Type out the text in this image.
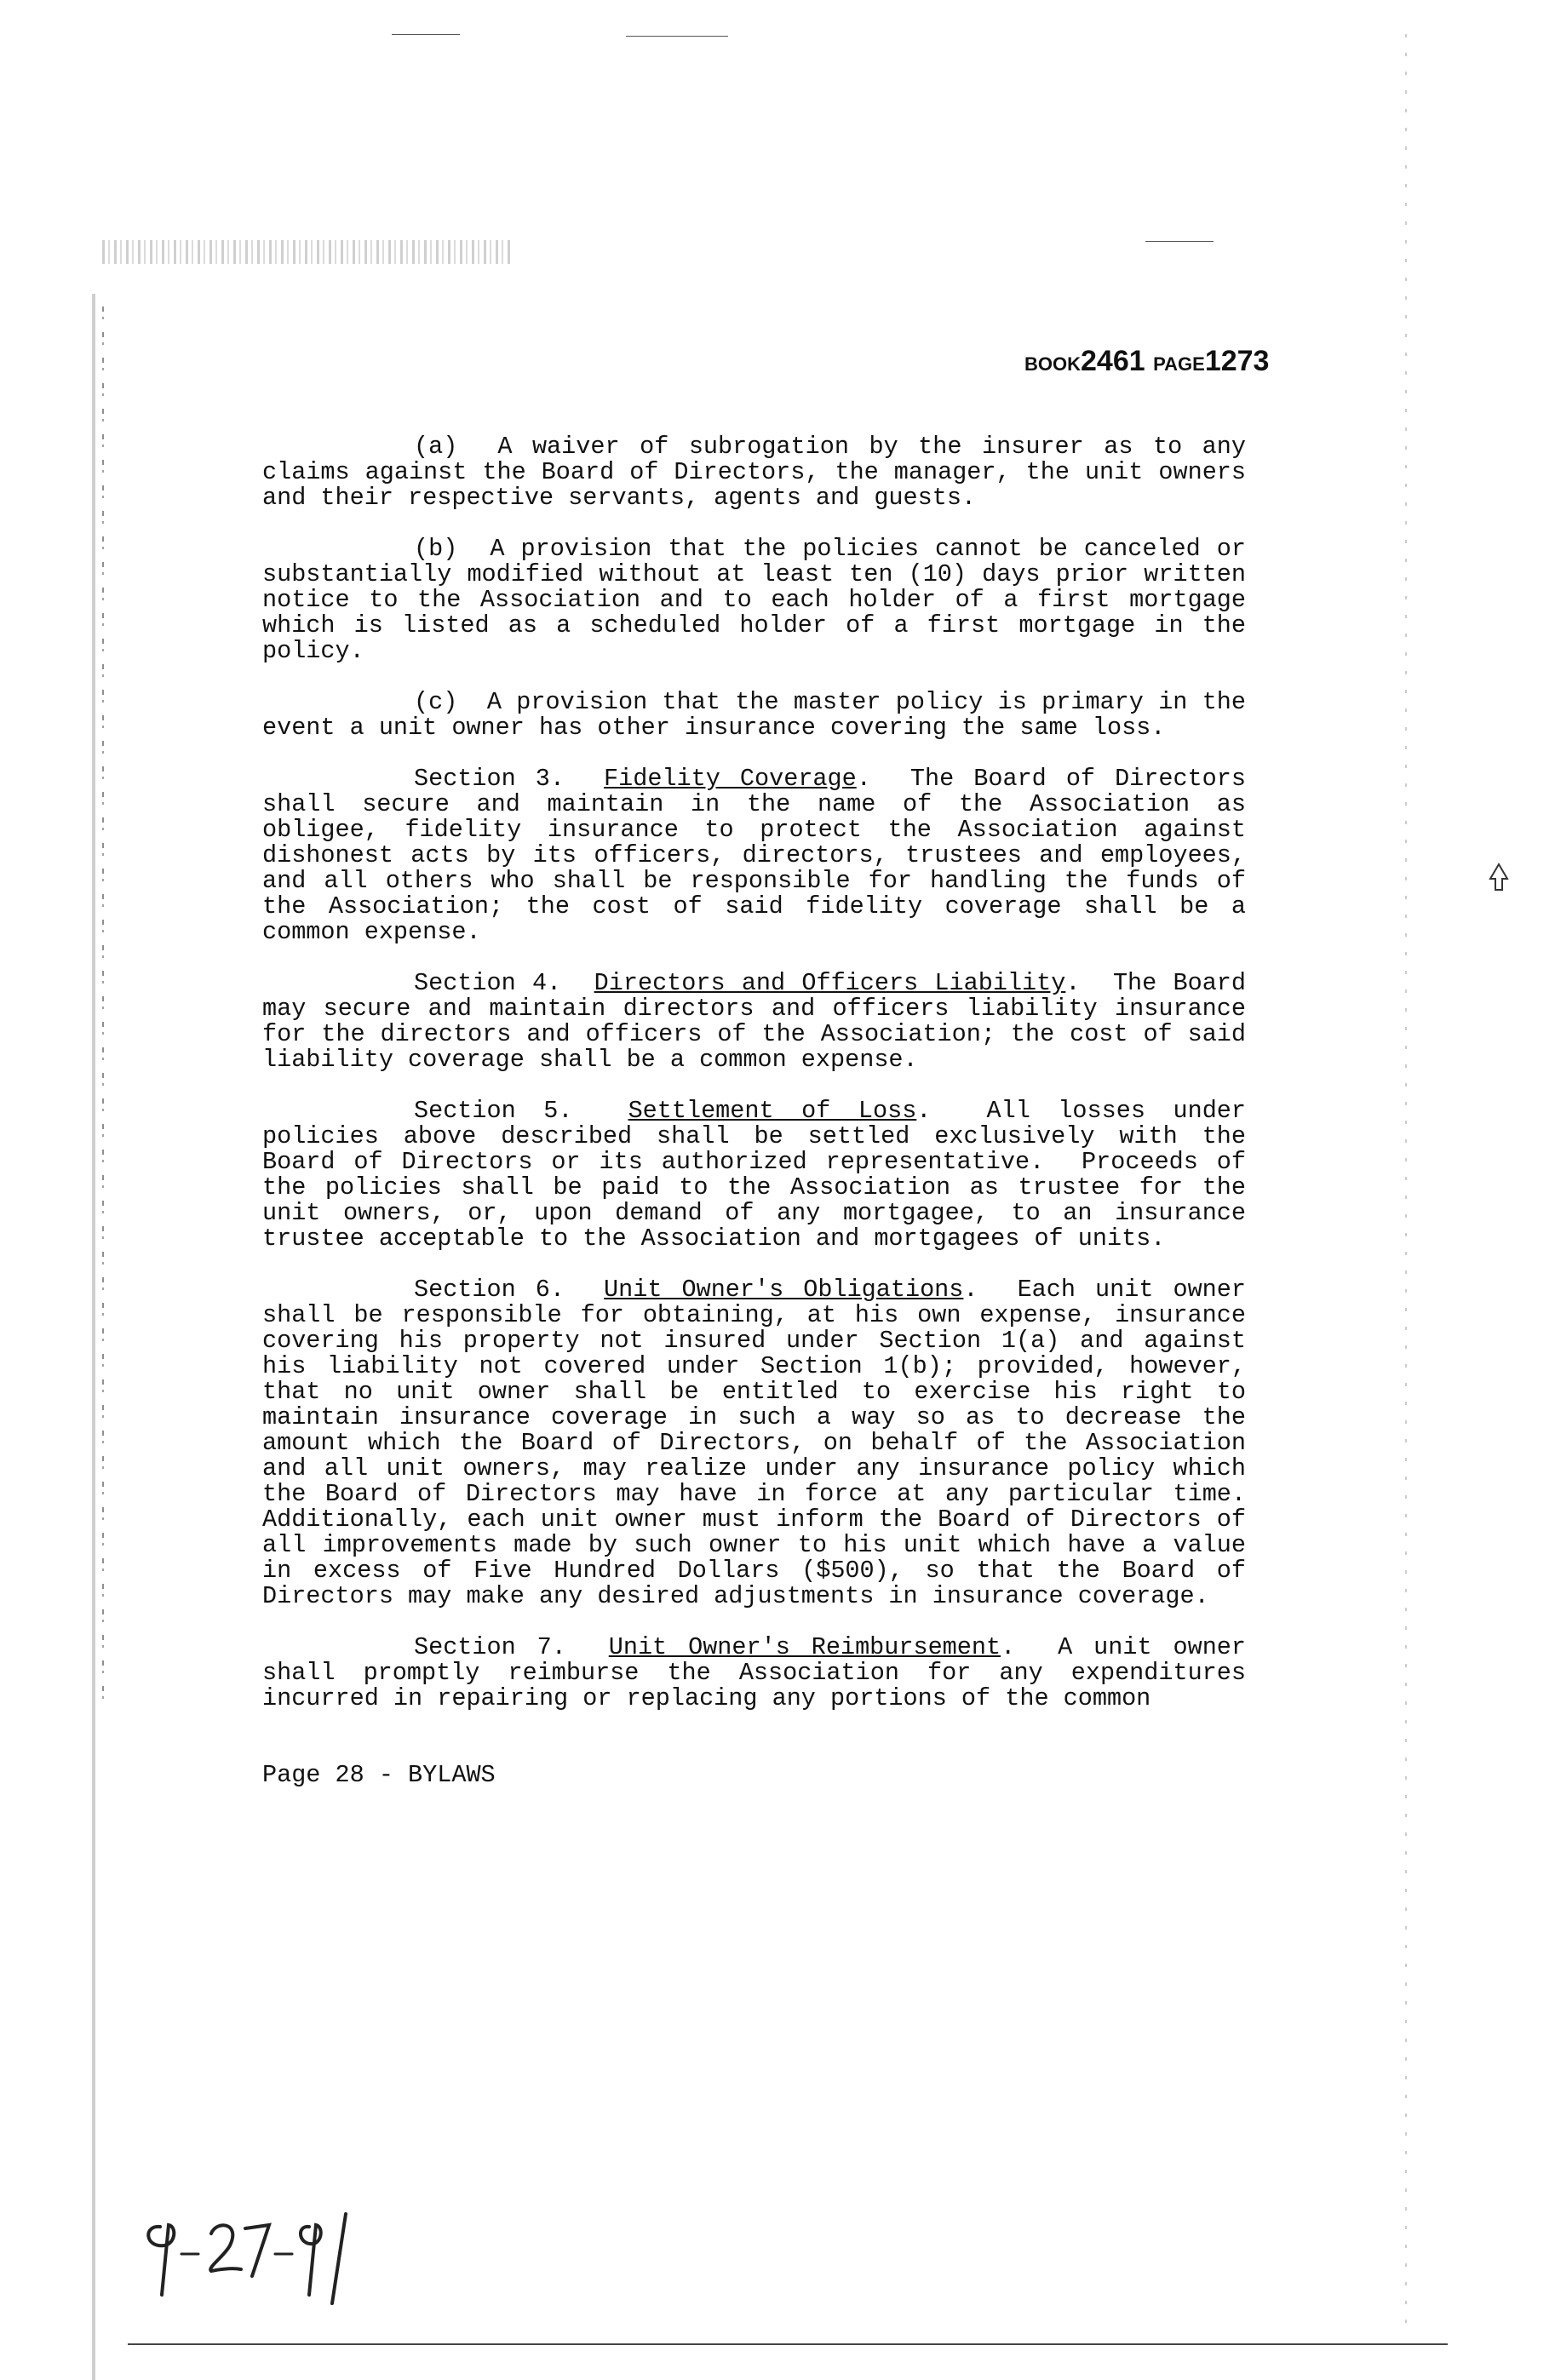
BOOK2461 PAGE1273

(a)  A waiver of subrogation by the insurer as to any claims against the Board of Directors, the manager, the unit owners and their respective servants, agents and guests.

(b)  A provision that the policies cannot be canceled or substantially modified without at least ten (10) days prior written notice to the Association and to each holder of a first mortgage which is listed as a scheduled holder of a first mortgage in the policy.

(c)  A provision that the master policy is primary in the event a unit owner has other insurance covering the same loss.

Section 3.  Fidelity Coverage.  The Board of Directors shall secure and maintain in the name of the Association as obligee, fidelity insurance to protect the Association against dishonest acts by its officers, directors, trustees and employees, and all others who shall be responsible for handling the funds of the Association; the cost of said fidelity coverage shall be a common expense.

Section 4.  Directors and Officers Liability.  The Board may secure and maintain directors and officers liability insurance for the directors and officers of the Association; the cost of said liability coverage shall be a common expense.

Section 5.  Settlement of Loss.  All losses under policies above described shall be settled exclusively with the Board of Directors or its authorized representative.  Proceeds of the policies shall be paid to the Association as trustee for the unit owners, or, upon demand of any mortgagee, to an insurance trustee acceptable to the Association and mortgagees of units.

Section 6.  Unit Owner's Obligations.  Each unit owner shall be responsible for obtaining, at his own expense, insurance covering his property not insured under Section 1(a) and against his liability not covered under Section 1(b); provided, however, that no unit owner shall be entitled to exercise his right to maintain insurance coverage in such a way so as to decrease the amount which the Board of Directors, on behalf of the Association and all unit owners, may realize under any insurance policy which the Board of Directors may have in force at any particular time. Additionally, each unit owner must inform the Board of Directors of all improvements made by such owner to his unit which have a value in excess of Five Hundred Dollars ($500), so that the Board of Directors may make any desired adjustments in insurance coverage.

Section 7.  Unit Owner's Reimbursement.  A unit owner shall promptly reimburse the Association for any expenditures incurred in repairing or replacing any portions of the common

Page 28 - BYLAWS
